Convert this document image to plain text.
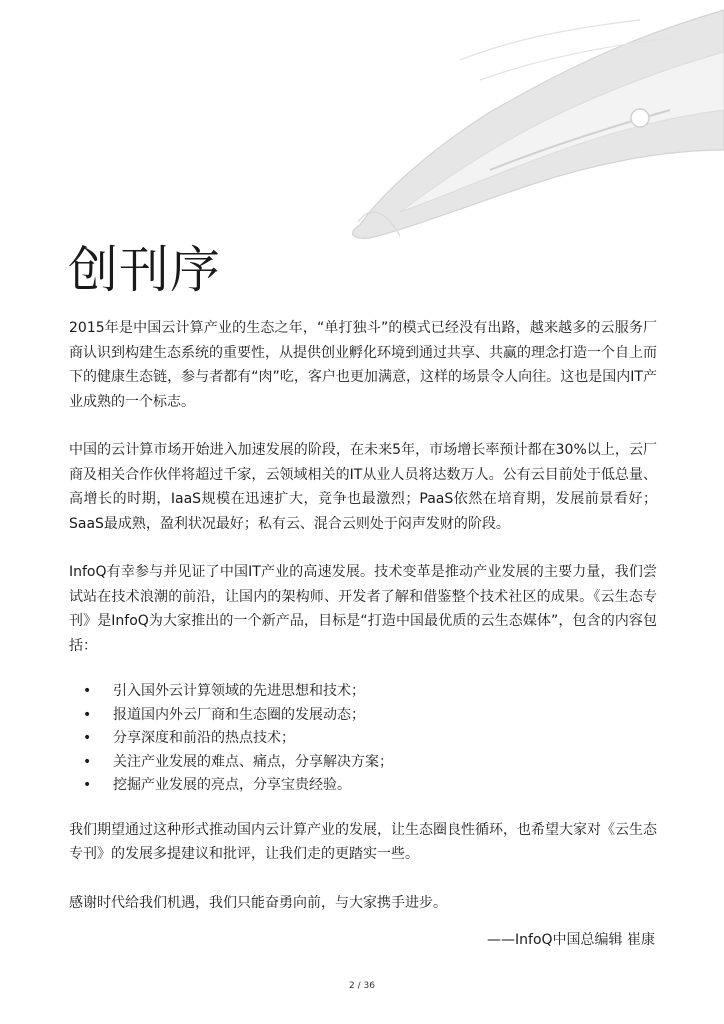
创刊序

2015年是中国云计算产业的生态之年，“单打独斗”的模式已经没有出路，越来越多的云服务厂商认识到构建生态系统的重要性，从提供创业孵化环境到通过共享、共赢的理念打造一个自上而下的健康生态链，参与者都有“肉”吃，客户也更加满意，这样的场景令人向往。这也是国内IT产业成熟的一个标志。

中国的云计算市场开始进入加速发展的阶段，在未来5年，市场增长率预计都在30%以上，云厂商及相关合作伙伴将超过千家，云领域相关的IT从业人员将达数万人。公有云目前处于低总量、高增长的时期，IaaS规模在迅速扩大，竞争也最激烈；PaaS依然在培育期，发展前景看好；SaaS最成熟，盈利状况最好；私有云、混合云则处于闷声发财的阶段。

InfoQ有幸参与并见证了中国IT产业的高速发展。技术变革是推动产业发展的主要力量，我们尝试站在技术浪潮的前沿，让国内的架构师、开发者了解和借鉴整个技术社区的成果。《云生态专刊》是InfoQ为大家推出的一个新产品，目标是“打造中国最优质的云生态媒体”，包含的内容包括：

• 引入国外云计算领域的先进思想和技术；
• 报道国内外云厂商和生态圈的发展动态；
• 分享深度和前沿的热点技术；
• 关注产业发展的难点、痛点，分享解决方案；
• 挖掘产业发展的亮点，分享宝贵经验。

我们期望通过这种形式推动国内云计算产业的发展，让生态圈良性循环，也希望大家对《云生态专刊》的发展多提建议和批评，让我们走的更踏实一些。

感谢时代给我们机遇，我们只能奋勇向前，与大家携手进步。

——InfoQ中国总编辑 崔康
2 / 36
